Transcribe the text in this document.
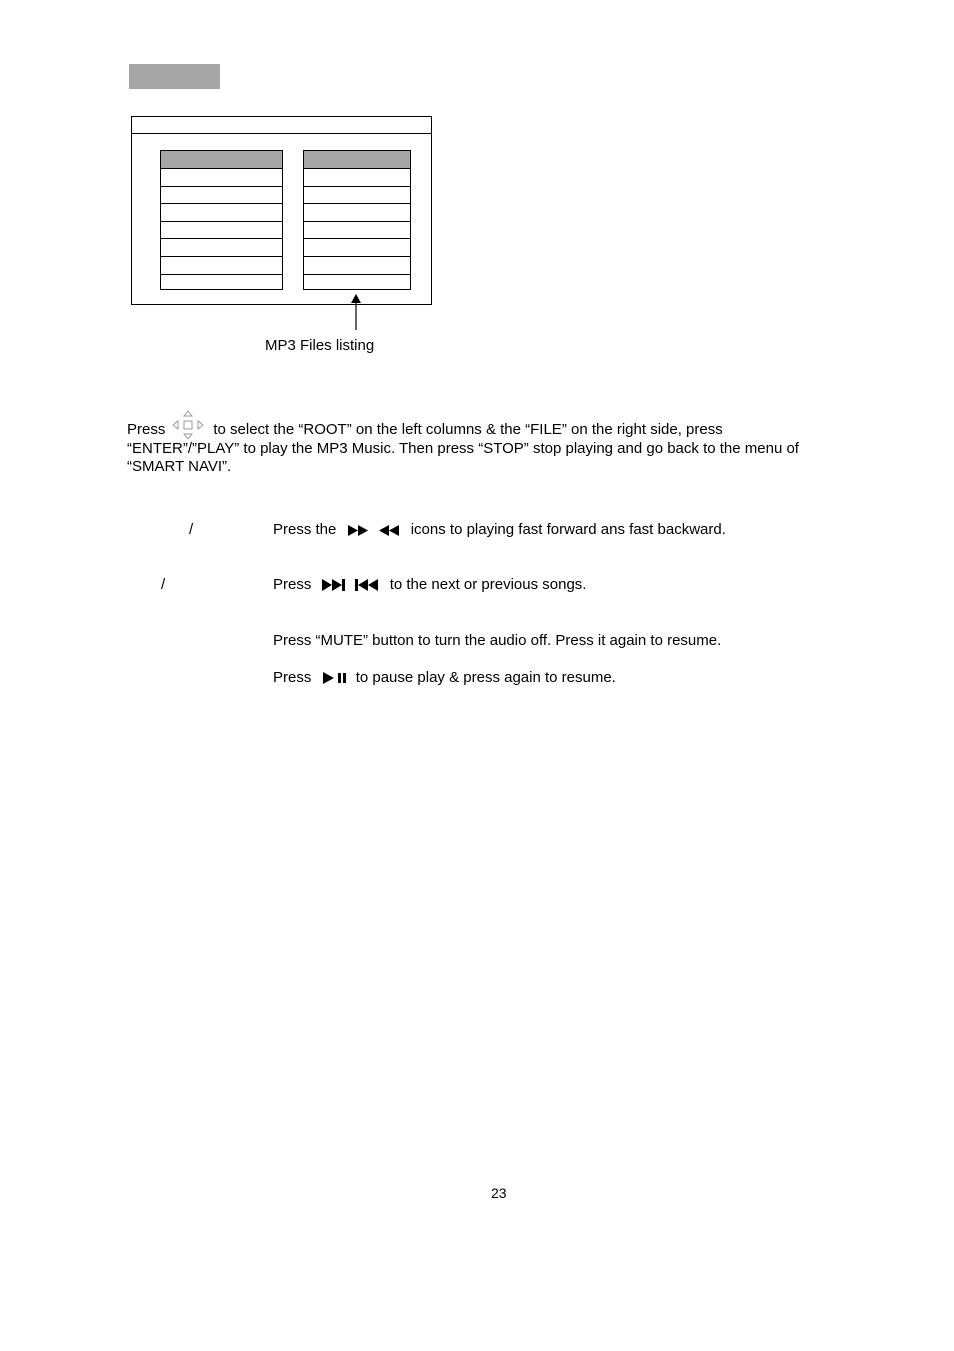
MP3 Files listing
Press	to select the “ROOT” on the left columns & the “FILE” on the right side, press “ENTER”/”PLAY” to play the MP3 Music. Then press “STOP” stop playing and go back to the menu of “SMART NAVI”.
/	Press the	icons to playing fast forward ans fast backward.
/	Press	to the next or previous songs.
Press “MUTE” button to turn the audio off. Press it again to resume.
Press	to pause play & press again to resume.
23
